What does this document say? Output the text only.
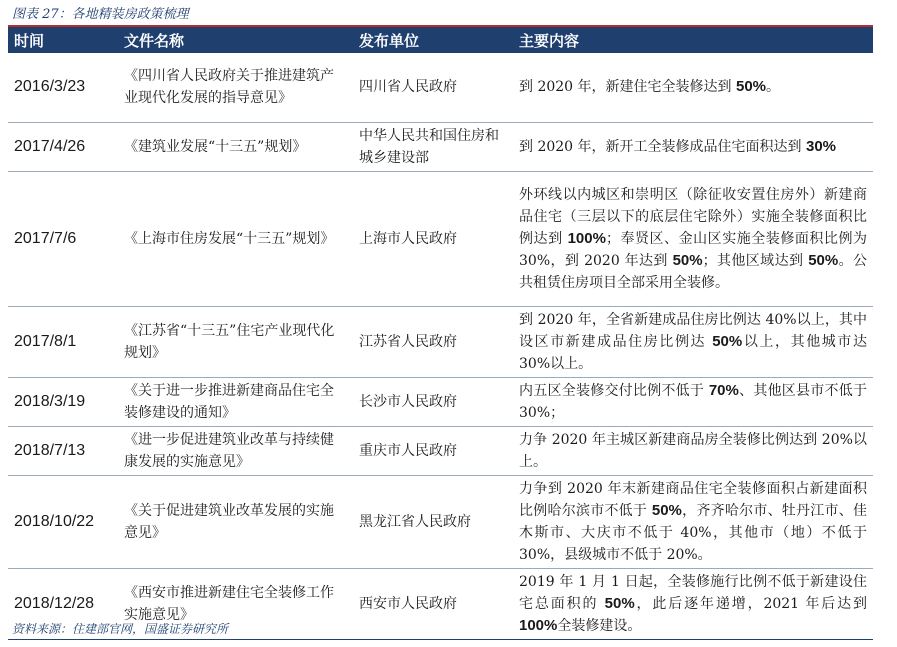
图表 27：各地精装房政策梳理
时间	文件名称	发布单位	主要内容
2016/3/23	《四川省人民政府关于推进建筑产业现代化发展的指导意见》	四川省人民政府	到 2020 年，新建住宅全装修达到 50%。
2017/4/26	《建筑业发展“十三五”规划》	中华人民共和国住房和城乡建设部	到 2020 年，新开工全装修成品住宅面积达到 30%
2017/7/6	《上海市住房发展“十三五”规划》	上海市人民政府	外环线以内城区和崇明区（除征收安置住房外）新建商品住宅（三层以下的底层住宅除外）实施全装修面积比例达到 100%；奉贤区、金山区实施全装修面积比例为 30%，到 2020 年达到 50%；其他区域达到 50%。公共租赁住房项目全部采用全装修。
2017/8/1	《江苏省“十三五”住宅产业现代化规划》	江苏省人民政府	到 2020 年，全省新建成品住房比例达 40%以上，其中设区市新建成品住房比例达 50%以上，其他城市达 30%以上。
2018/3/19	《关于进一步推进新建商品住宅全装修建设的通知》	长沙市人民政府	内五区全装修交付比例不低于 70%、其他区县市不低于 30%；
2018/7/13	《进一步促进建筑业改革与持续健康发展的实施意见》	重庆市人民政府	力争 2020 年主城区新建商品房全装修比例达到 20%以上。
2018/10/22	《关于促进建筑业改革发展的实施意见》	黑龙江省人民政府	力争到 2020 年末新建商品住宅全装修面积占新建面积比例哈尔滨市不低于 50%，齐齐哈尔市、牡丹江市、佳木斯市、大庆市不低于 40%，其他市（地）不低于 30%，县级城市不低于 20%。
2018/12/28	《西安市推进新建住宅全装修工作实施意见》	西安市人民政府	2019 年 1 月 1 日起，全装修施行比例不低于新建设住宅总面积的 50%，此后逐年递增，2021 年后达到 100%全装修建设。
资料来源：住建部官网，国盛证券研究所
